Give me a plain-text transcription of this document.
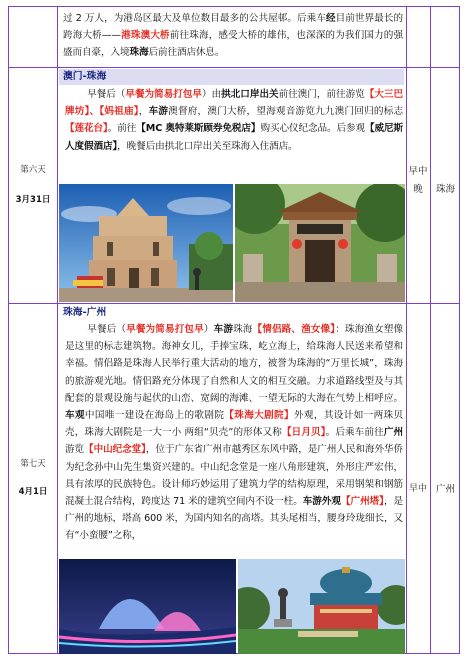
过 2 万人，为港岛区最大及单位数目最多的公共屋邨。后乘车经目前世界最长的跨海大桥——港珠澳大桥前往珠海，感受大桥的雄伟，也深深的为我们国力的强盛而自豪，入境珠海后前往酒店休息。
第六天
3月31日
澳门-珠海
早餐后（早餐为简易打包早）由拱北口岸出关前往澳门，前往游览【大三巴牌坊】、【妈祖庙】，车游澳督府，澳门大桥，望海观音游览九九澳门回归的标志【莲花台】。前往【MC 奥特莱斯顾券免税店】购买心仪纪念品。后参观【威尼斯人度假酒店】，晚餐后由拱北口岸出关至珠海入住酒店。
早中晚	珠海
第七天
4月1日
珠海-广州
早餐后（早餐为简易打包早）车游珠海【情侣路、渔女像】：珠海渔女塑像是这里的标志建筑物。海神女儿，手捧宝珠，屹立海上，给珠海人民送来希望和幸福。情侣路是珠海人民举行重大活动的地方，被誉为珠海的“万里长城”，珠海的旅游观光地。情侣路充分体现了自然和人文的相互交融。力求道路线型及与其配套的景观设施与起伏的山峦、宽阔的海滩、一望无际的大海在气势上相呼应。车观中国唯一建设在海岛上的歌剧院【珠海大剧院】外观，其设计如一两珠贝壳，珠海大剧院是一大一小 两组“贝壳”的形体又称【日月贝】。后乘车前往广州游览【中山纪念堂】，位于广东省广州市越秀区东风中路，是广州人民和海外华侨为纪念孙中山先生集资兴建的。中山纪念堂是一座八角形建筑，外形庄严宏伟，具有浓厚的民族特色。设计师巧妙运用了建筑力学的结构原理，采用钢架和钢筋混凝土混合结构，跨度达 71 米的建筑空间内不设一柱。车游外观【广州塔】，是广州的地标，塔高 600 米，为国内知名的高塔。其头尾相当，腰身玲珑细长，又有“小蛮腰”之称，
早中 广州
